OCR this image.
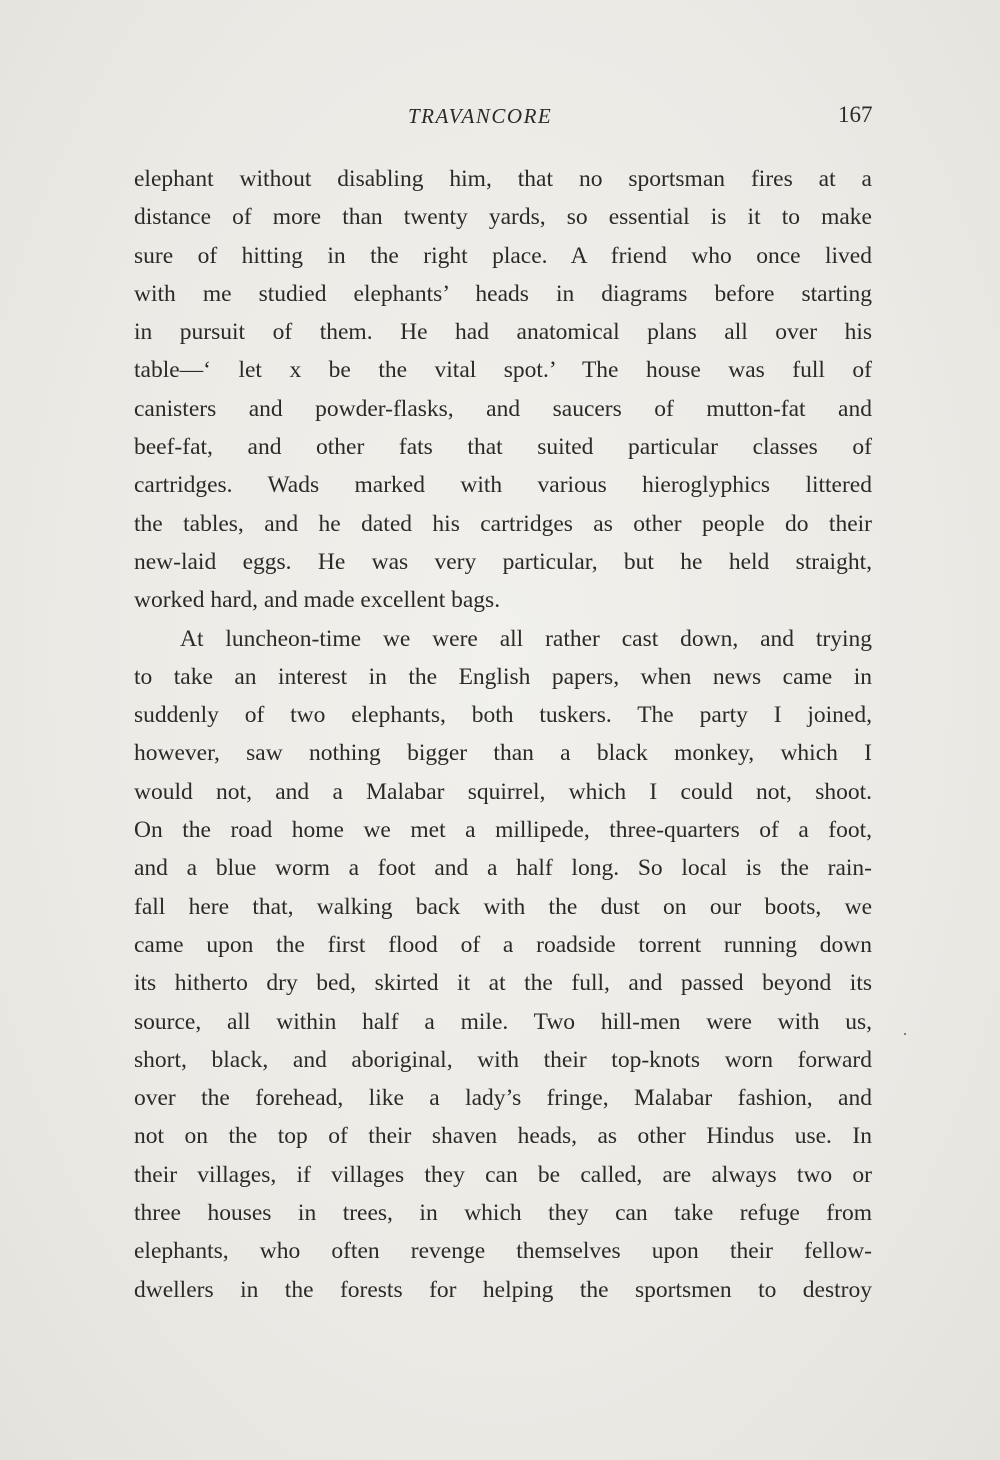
TRAVANCORE	167
elephant without disabling him, that no sportsman fires at a
distance of more than twenty yards, so essential is it to make
sure of hitting in the right place. A friend who once lived
with me studied elephants’ heads in diagrams before starting
in pursuit of them. He had anatomical plans all over his
table—‘ let x be the vital spot.’ The house was full of
canisters and powder-flasks, and saucers of mutton-fat and
beef-fat, and other fats that suited particular classes of
cartridges. Wads marked with various hieroglyphics littered
the tables, and he dated his cartridges as other people do their
new-laid eggs. He was very particular, but he held straight,
worked hard, and made excellent bags.
At luncheon-time we were all rather cast down, and trying
to take an interest in the English papers, when news came in
suddenly of two elephants, both tuskers. The party I joined,
however, saw nothing bigger than a black monkey, which I
would not, and a Malabar squirrel, which I could not, shoot.
On the road home we met a millipede, three-quarters of a foot,
and a blue worm a foot and a half long. So local is the rain-
fall here that, walking back with the dust on our boots, we
came upon the first flood of a roadside torrent running down
its hitherto dry bed, skirted it at the full, and passed beyond its
source, all within half a mile. Two hill-men were with us,
short, black, and aboriginal, with their top-knots worn forward
over the forehead, like a lady’s fringe, Malabar fashion, and
not on the top of their shaven heads, as other Hindus use. In
their villages, if villages they can be called, are always two or
three houses in trees, in which they can take refuge from
elephants, who often revenge themselves upon their fellow-
dwellers in the forests for helping the sportsmen to destroy
·
